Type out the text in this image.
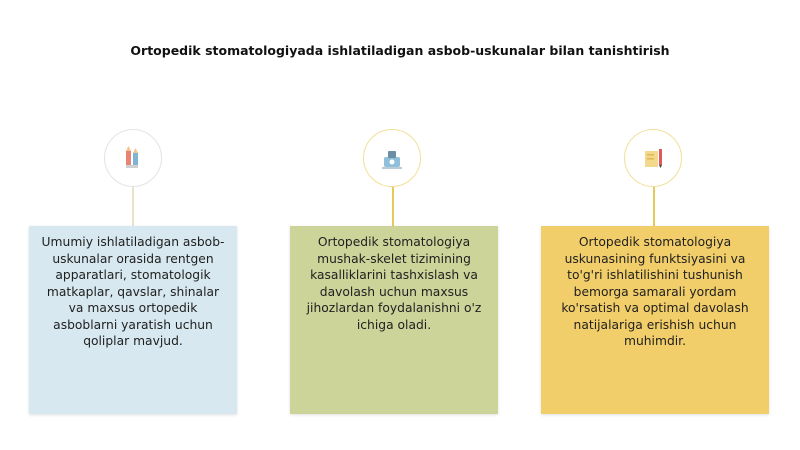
Ortopedik stomatologiyada ishlatiladigan asbob-uskunalar bilan tanishtirish
Umumiy ishlatiladigan asbob-uskunalar orasida rentgen apparatlari, stomatologik matkaplar, qavslar, shinalar va maxsus ortopedik asboblarni yaratish uchun qoliplar mavjud.
Ortopedik stomatologiya mushak-skelet tizimining kasalliklarini tashxislash va davolash uchun maxsus jihozlardan foydalanishni o'z ichiga oladi.
Ortopedik stomatologiya uskunasining funktsiyasini va to'g'ri ishlatilishini tushunish bemorga samarali yordam ko'rsatish va optimal davolash natijalariga erishish uchun muhimdir.
